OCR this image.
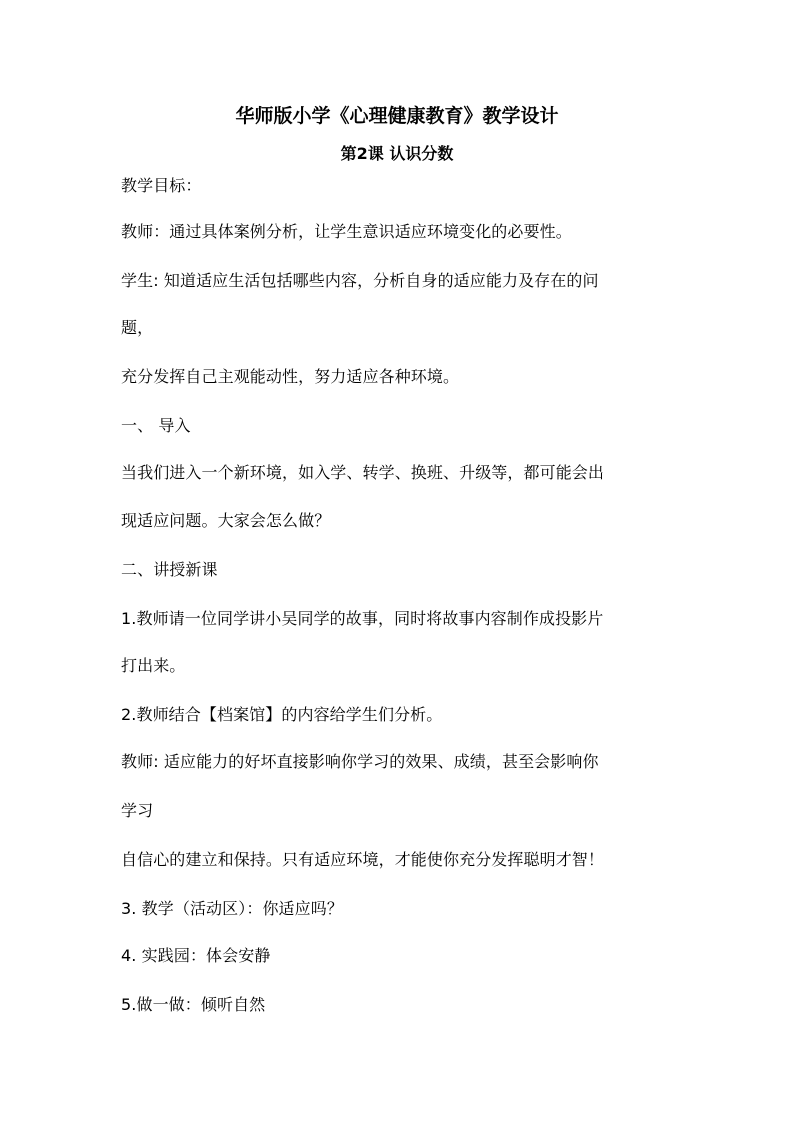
华师版小学《心理健康教育》教学设计
第2课 认识分数
教学目标：
教师：通过具体案例分析，让学生意识适应环境变化的必要性。
学生: 知道适应生活包括哪些内容，分析自身的适应能力及存在的问
题，
充分发挥自己主观能动性，努力适应各种环境。
一、 导入
当我们进入一个新环境，如入学、转学、换班、升级等，都可能会出
现适应问题。大家会怎么做？
二、讲授新课
1.教师请一位同学讲小吴同学的故事，同时将故事内容制作成投影片
打出来。
2.教师结合【档案馆】的内容给学生们分析。
教师: 适应能力的好坏直接影响你学习的效果、成绩，甚至会影响你
学习
自信心的建立和保持。只有适应环境，才能使你充分发挥聪明才智！
3. 教学（活动区）：你适应吗？
4. 实践园：体会安静
5.做一做：倾听自然
